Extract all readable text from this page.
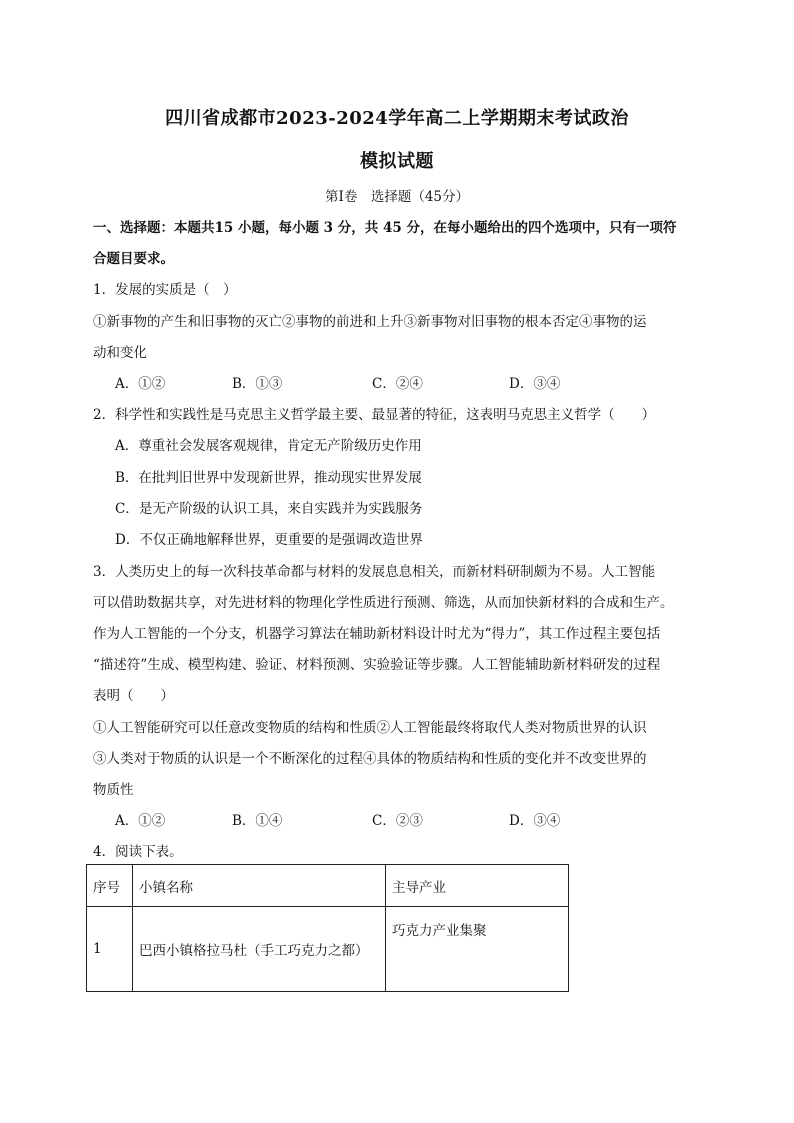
四川省成都市2023-2024学年高二上学期期末考试政治
模拟试题
第Ⅰ卷　选择题（45分）
一、选择题：本题共15 小题，每小题 3 分，共 45 分，在每小题给出的四个选项中，只有一项符
合题目要求。
1．发展的实质是（　）
①新事物的产生和旧事物的灭亡②事物的前进和上升③新事物对旧事物的根本否定④事物的运
动和变化
A．①②	B．①③	C．②④	D．③④
2．科学性和实践性是马克思主义哲学最主要、最显著的特征，这表明马克思主义哲学（　　）
A．尊重社会发展客观规律，肯定无产阶级历史作用
B．在批判旧世界中发现新世界，推动现实世界发展
C．是无产阶级的认识工具，来自实践并为实践服务
D．不仅正确地解释世界，更重要的是强调改造世界
3．人类历史上的每一次科技革命都与材料的发展息息相关，而新材料研制颇为不易。人工智能
可以借助数据共享，对先进材料的物理化学性质进行预测、筛选，从而加快新材料的合成和生产。
作为人工智能的一个分支，机器学习算法在辅助新材料设计时尤为“得力”，其工作过程主要包括
“描述符”生成、模型构建、验证、材料预测、实验验证等步骤。人工智能辅助新材料研发的过程
表明（　　）
①人工智能研究可以任意改变物质的结构和性质②人工智能最终将取代人类对物质世界的认识
③人类对于物质的认识是一个不断深化的过程④具体的物质结构和性质的变化并不改变世界的
物质性
A．①②	B．①④	C．②③	D．③④
4．阅读下表。
序号	小镇名称	主导产业
1	巴西小镇格拉马杜（手工巧克力之都）	巧克力产业集聚
